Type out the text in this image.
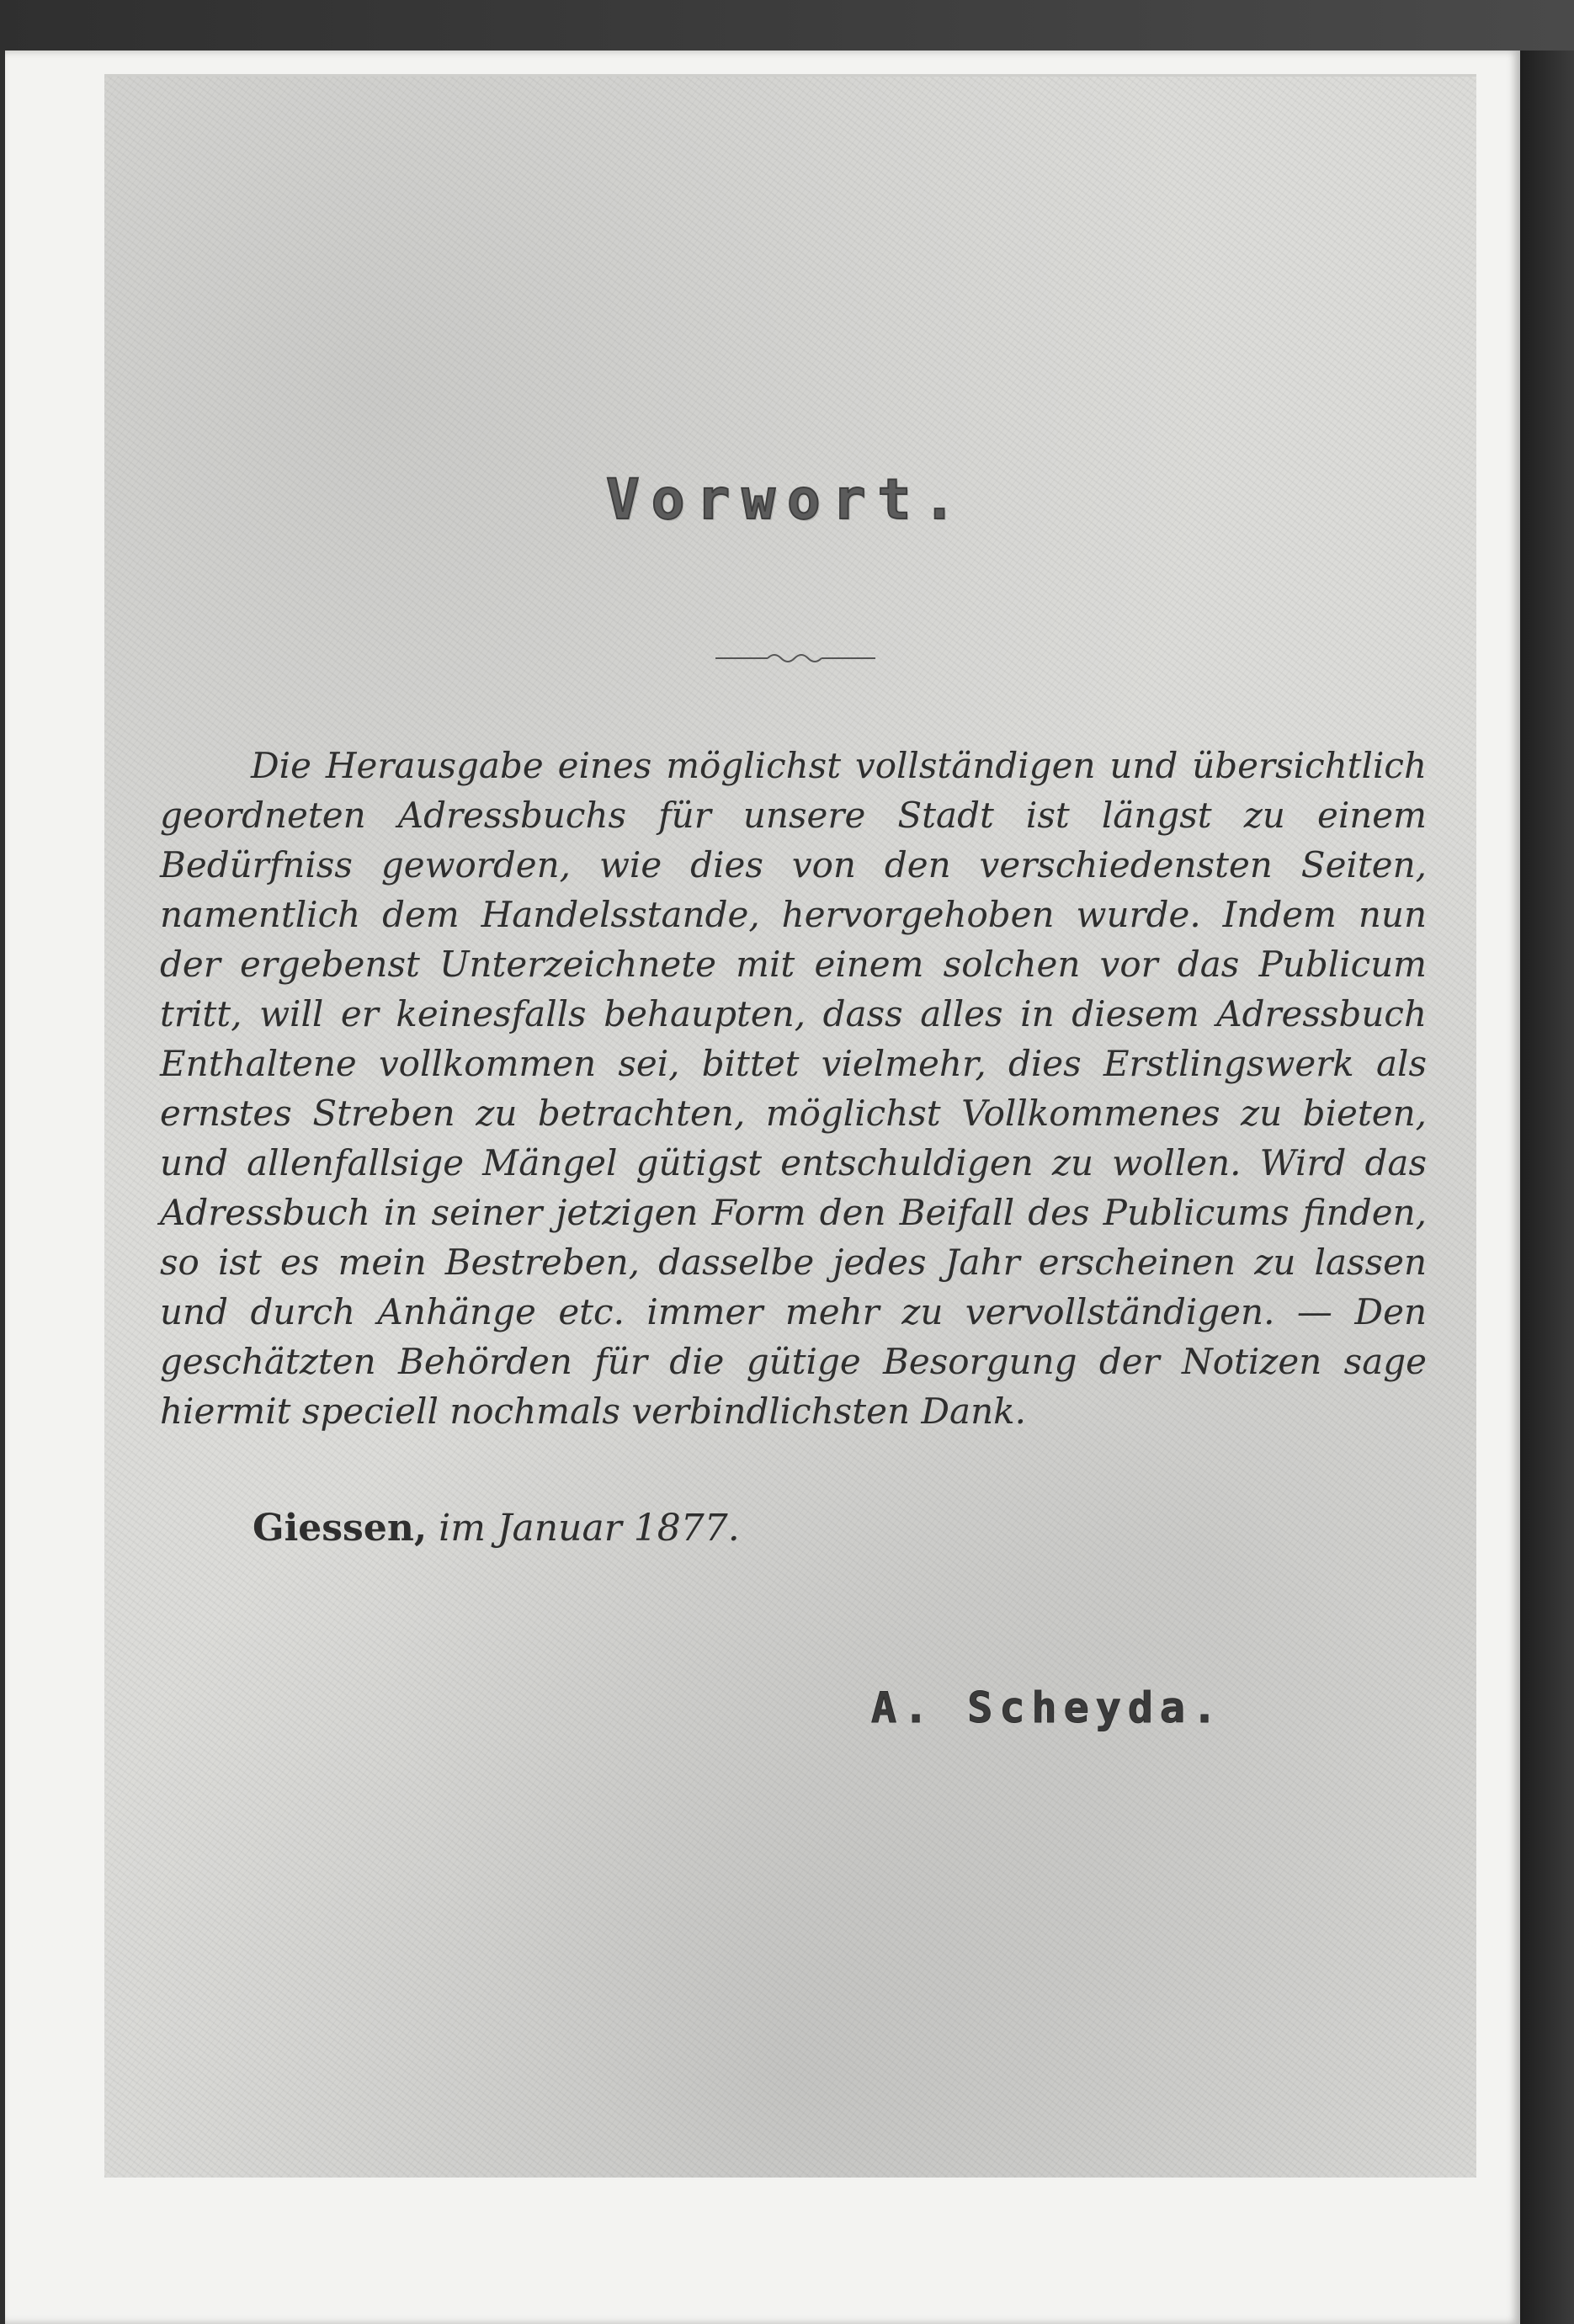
Vorwort.
Die Herausgabe eines möglichst vollständigen und übersichtlich geordneten Adressbuchs für unsere Stadt ist längst zu einem Bedürfniss geworden, wie dies von den verschiedensten Seiten, namentlich dem Handelsstande, hervorgehoben wurde. Indem nun der ergebenst Unterzeichnete mit einem solchen vor das Publicum tritt, will er keinesfalls behaupten, dass alles in diesem Adressbuch Enthaltene vollkommen sei, bittet vielmehr, dies Erstlingswerk als ernstes Streben zu betrachten, möglichst Vollkommenes zu bieten, und allenfallsige Mängel gütigst entschuldigen zu wollen. Wird das Adressbuch in seiner jetzigen Form den Beifall des Publicums finden, so ist es mein Bestreben, dasselbe jedes Jahr erscheinen zu lassen und durch Anhänge etc. immer mehr zu vervollständigen. — Den geschätzten Behörden für die gütige Besorgung der Notizen sage hiermit speciell nochmals verbindlichsten Dank.
Giessen, im Januar 1877.
A. Scheyda.
